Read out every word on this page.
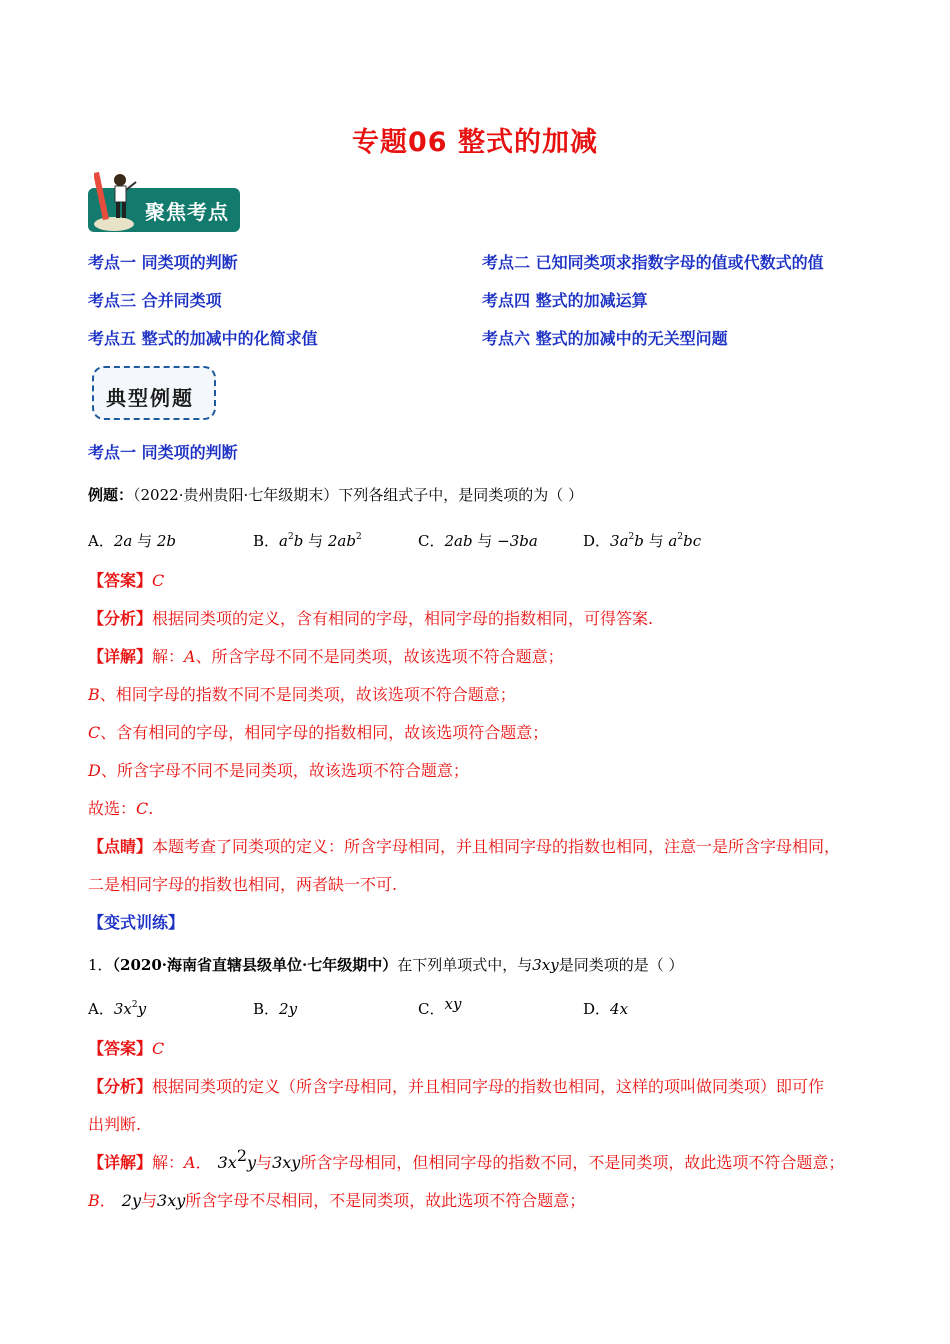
专题06 整式的加减
聚焦考点
考点一 同类项的判断	考点二 已知同类项求指数字母的值或代数式的值
考点三 合并同类项	考点四 整式的加减运算
考点五 整式的加减中的化简求值	考点六 整式的加减中的无关型问题
典型例题
考点一 同类项的判断
例题：（2022·贵州贵阳·七年级期末）下列各组式子中，是同类项的为（ ）
A．2a 与 2b	B．$a^2b$ 与 $2ab^2$	C．2ab 与 −3ba	D．$3a^2b$ 与 $a^2bc$
【答案】C
【分析】根据同类项的定义，含有相同的字母，相同字母的指数相同，可得答案.
【详解】解：A、所含字母不同不是同类项，故该选项不符合题意；
B、相同字母的指数不同不是同类项，故该选项不符合题意；
C、含有相同的字母，相同字母的指数相同，故该选项符合题意；
D、所含字母不同不是同类项，故该选项不符合题意；
故选：C.
【点睛】本题考查了同类项的定义：所含字母相同，并且相同字母的指数也相同，注意一是所含字母相同，
二是相同字母的指数也相同，两者缺一不可.
【变式训练】
1．（2020·海南省直辖县级单位·七年级期中）在下列单项式中，与3xy是同类项的是（ ）
A．$3x^2y$	B．2y	C．xy	D．4x
【答案】C
【分析】根据同类项的定义（所含字母相同，并且相同字母的指数也相同，这样的项叫做同类项）即可作
出判断.
【详解】解：A． $3x^2y$与3xy所含字母相同，但相同字母的指数不同，不是同类项，故此选项不符合题意；
B． 2y与3xy所含字母不尽相同，不是同类项，故此选项不符合题意；
